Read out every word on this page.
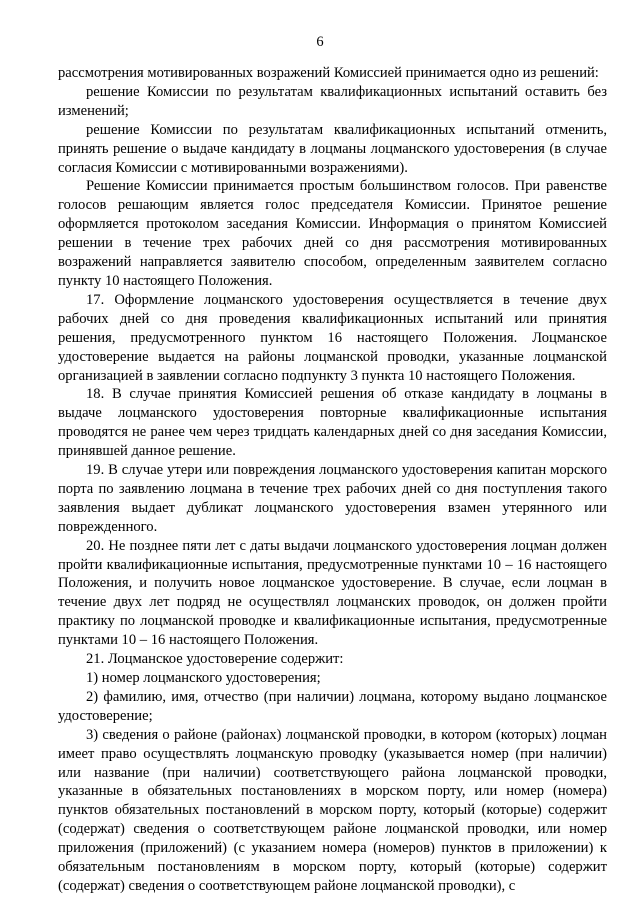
6

рассмотрения мотивированных возражений Комиссией принимается одно из решений:

решение Комиссии по результатам квалификационных испытаний оставить без изменений;

решение Комиссии по результатам квалификационных испытаний отменить, принять решение о выдаче кандидату в лоцманы лоцманского удостоверения (в случае согласия Комиссии с мотивированными возражениями).

Решение Комиссии принимается простым большинством голосов. При равенстве голосов решающим является голос председателя Комиссии. Принятое решение оформляется протоколом заседания Комиссии. Информация о принятом Комиссией решении в течение трех рабочих дней со дня рассмотрения мотивированных возражений направляется заявителю способом, определенным заявителем согласно пункту 10 настоящего Положения.

17. Оформление лоцманского удостоверения осуществляется в течение двух рабочих дней со дня проведения квалификационных испытаний или принятия решения, предусмотренного пунктом 16 настоящего Положения. Лоцманское удостоверение выдается на районы лоцманской проводки, указанные лоцманской организацией в заявлении согласно подпункту 3 пункта 10 настоящего Положения.

18. В случае принятия Комиссией решения об отказе кандидату в лоцманы в выдаче лоцманского удостоверения повторные квалификационные испытания проводятся не ранее чем через тридцать календарных дней со дня заседания Комиссии, принявшей данное решение.

19. В случае утери или повреждения лоцманского удостоверения капитан морского порта по заявлению лоцмана в течение трех рабочих дней со дня поступления такого заявления выдает дубликат лоцманского удостоверения взамен утерянного или поврежденного.

20. Не позднее пяти лет с даты выдачи лоцманского удостоверения лоцман должен пройти квалификационные испытания, предусмотренные пунктами 10 – 16 настоящего Положения, и получить новое лоцманское удостоверение. В случае, если лоцман в течение двух лет подряд не осуществлял лоцманских проводок, он должен пройти практику по лоцманской проводке и квалификационные испытания, предусмотренные пунктами 10 – 16 настоящего Положения.

21. Лоцманское удостоверение содержит:

1) номер лоцманского удостоверения;

2) фамилию, имя, отчество (при наличии) лоцмана, которому выдано лоцманское удостоверение;

3) сведения о районе (районах) лоцманской проводки, в котором (которых) лоцман имеет право осуществлять лоцманскую проводку (указывается номер (при наличии) или название (при наличии) соответствующего района лоцманской проводки, указанные в обязательных постановлениях в морском порту, или номер (номера) пунктов обязательных постановлений в морском порту, который (которые) содержит (содержат) сведения о соответствующем районе лоцманской проводки, или номер приложения (приложений) (с указанием номера (номеров) пунктов в приложении) к обязательным постановлениям в морском порту, который (которые) содержит (содержат) сведения о соответствующем районе лоцманской проводки), с
